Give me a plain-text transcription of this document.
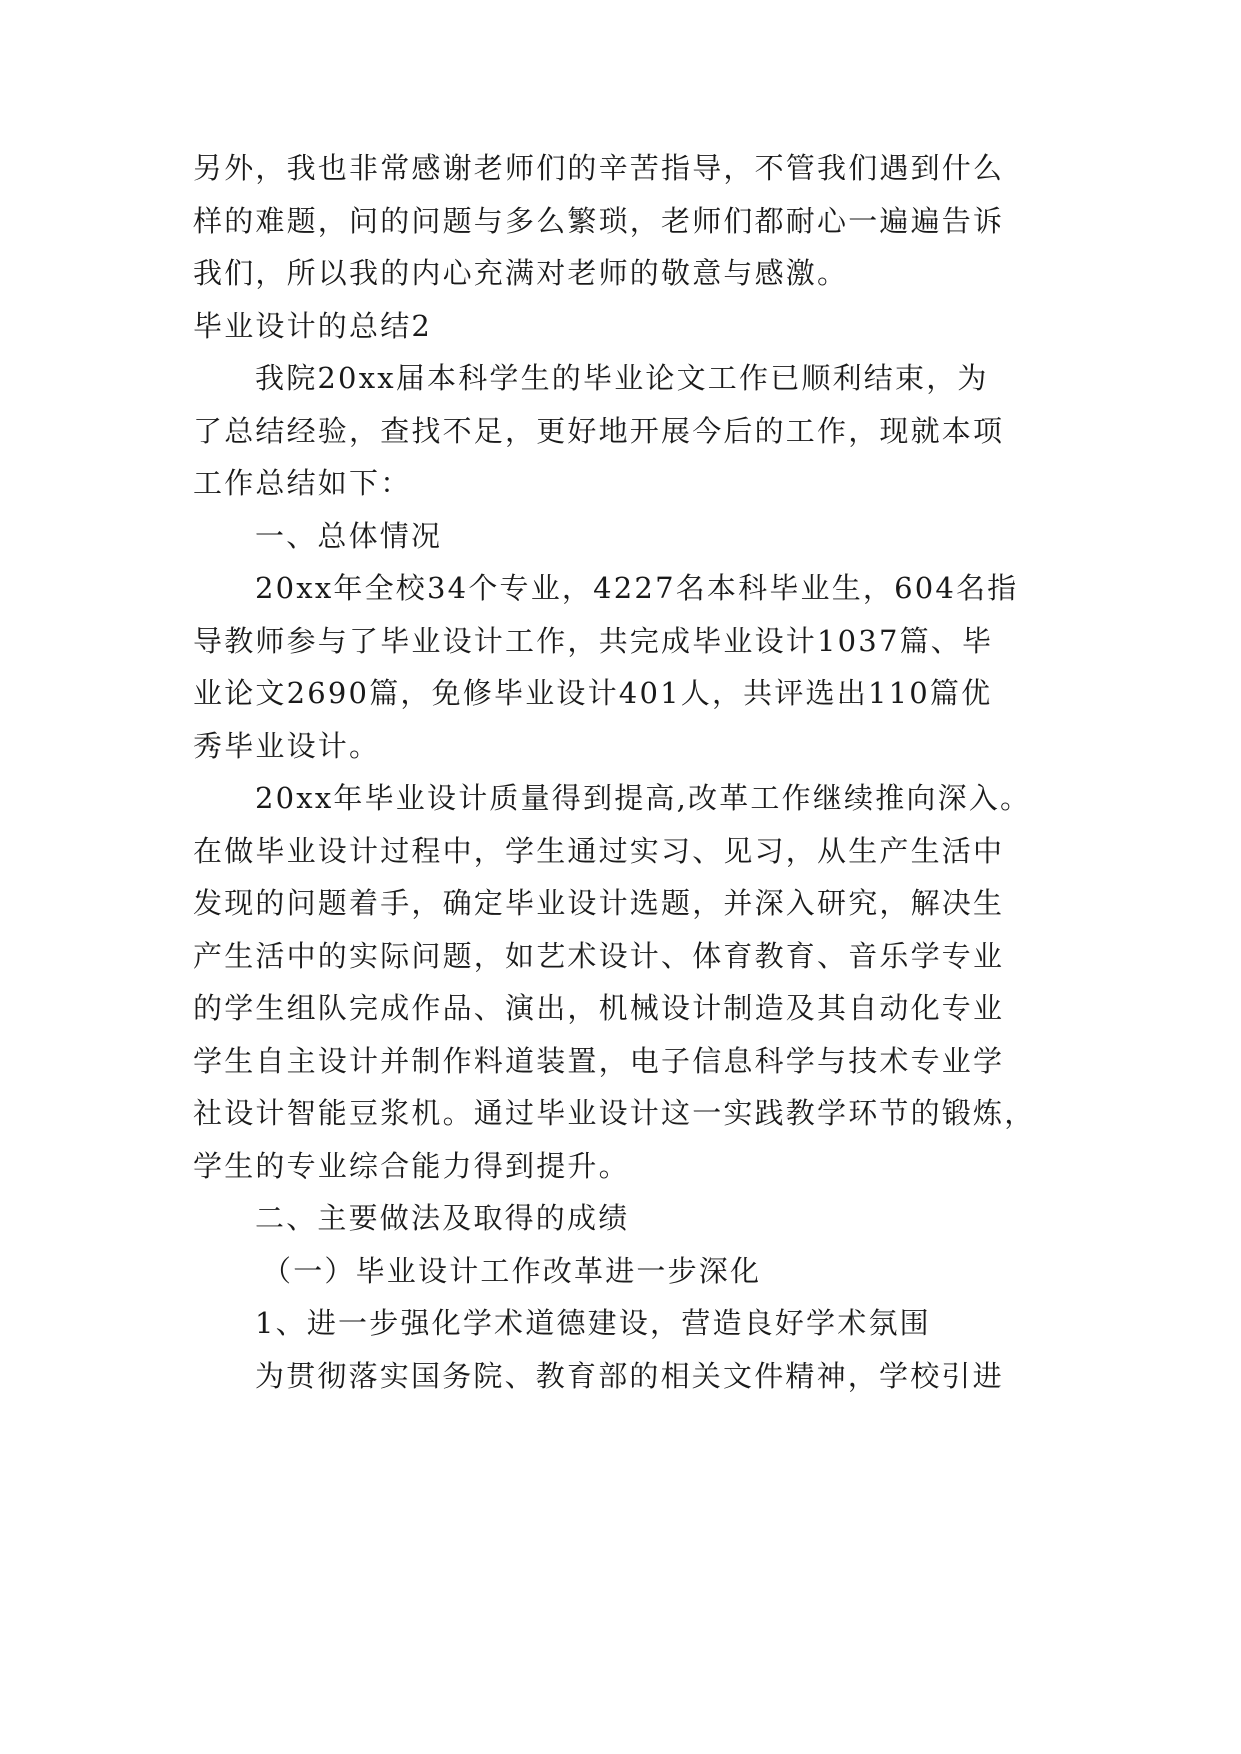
另外，我也非常感谢老师们的辛苦指导，不管我们遇到什么
样的难题，问的问题与多么繁琐，老师们都耐心一遍遍告诉
我们，所以我的内心充满对老师的敬意与感激。
毕业设计的总结2
我院20xx届本科学生的毕业论文工作已顺利结束，为
了总结经验，查找不足，更好地开展今后的工作，现就本项
工作总结如下：
一、总体情况
20xx年全校34个专业，4227名本科毕业生，604名指
导教师参与了毕业设计工作，共完成毕业设计1037篇、毕
业论文2690篇，免修毕业设计401人，共评选出110篇优
秀毕业设计。
20xx年毕业设计质量得到提高,改革工作继续推向深入。
在做毕业设计过程中，学生通过实习、见习，从生产生活中
发现的问题着手，确定毕业设计选题，并深入研究，解决生
产生活中的实际问题，如艺术设计、体育教育、音乐学专业
的学生组队完成作品、演出，机械设计制造及其自动化专业
学生自主设计并制作料道装置，电子信息科学与技术专业学
社设计智能豆浆机。通过毕业设计这一实践教学环节的锻炼，
学生的专业综合能力得到提升。
二、主要做法及取得的成绩
（一）毕业设计工作改革进一步深化
1、进一步强化学术道德建设，营造良好学术氛围
为贯彻落实国务院、教育部的相关文件精神，学校引进
